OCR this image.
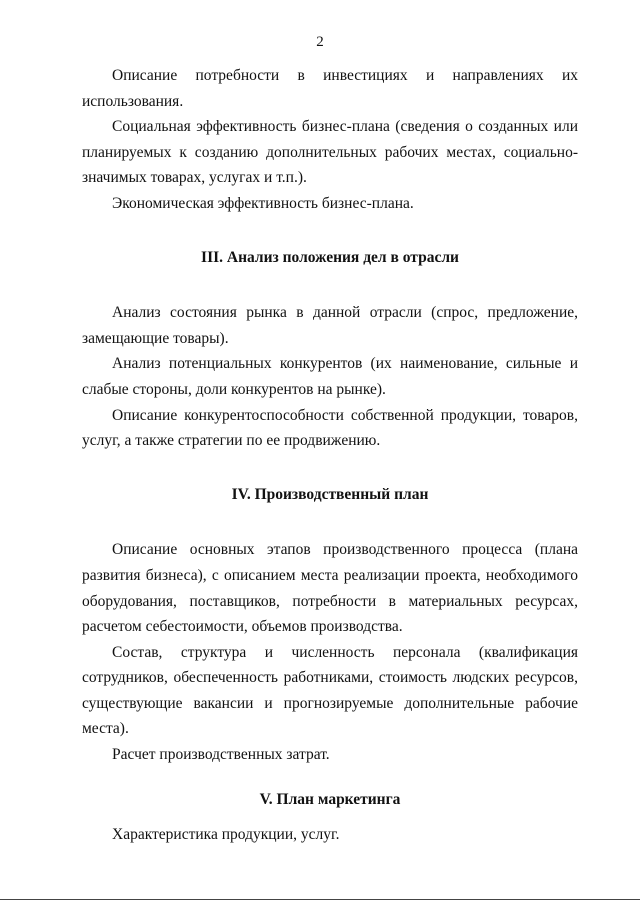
2

Описание потребности в инвестициях и направлениях их использования.

Социальная эффективность бизнес-плана (сведения о созданных или планируемых к созданию дополнительных рабочих местах, социально-значимых товарах, услугах и т.п.).

Экономическая эффективность бизнес-плана.

III. Анализ положения дел в отрасли

Анализ состояния рынка в данной отрасли (спрос, предложение, замещающие товары).

Анализ потенциальных конкурентов (их наименование, сильные и слабые стороны, доли конкурентов на рынке).

Описание конкурентоспособности собственной продукции, товаров, услуг, а также стратегии по ее продвижению.

IV. Производственный план

Описание основных этапов производственного процесса (плана развития бизнеса), с описанием места реализации проекта, необходимого оборудования, поставщиков, потребности в материальных ресурсах, расчетом себестоимости, объемов производства.

Состав, структура и численность персонала (квалификация сотрудников, обеспеченность работниками, стоимость людских ресурсов, существующие вакансии и прогнозируемые дополнительные рабочие места).

Расчет производственных затрат.

V. План маркетинга

Характеристика продукции, услуг.
